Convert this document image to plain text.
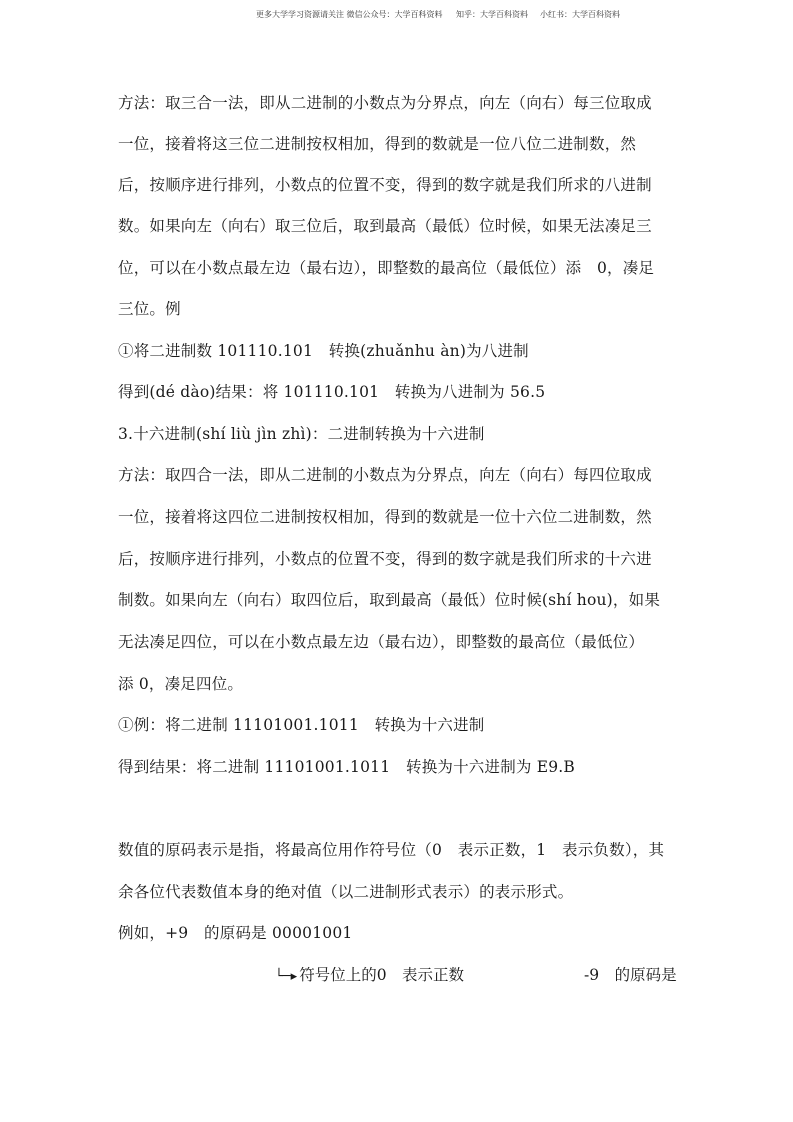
更多大学学习资源请关注 微信公众号：大学百科资料 知乎：大学百科资料 小红书：大学百科资料
方法：取三合一法，即从二进制的小数点为分界点，向左（向右）每三位取成
一位，接着将这三位二进制按权相加，得到的数就是一位八位二进制数，然
后，按顺序进行排列，小数点的位置不变，得到的数字就是我们所求的八进制
数。如果向左（向右）取三位后，取到最高（最低）位时候，如果无法凑足三
位，可以在小数点最左边（最右边），即整数的最高位（最低位）添　0，凑足
三位。例
①将二进制数 101110.101　转换(zhuǎnhu àn)为八进制
得到(dé dào)结果：将 101110.101　转换为八进制为 56.5
3.十六进制(shí liù jìn zhì)：二进制转换为十六进制
方法：取四合一法，即从二进制的小数点为分界点，向左（向右）每四位取成
一位，接着将这四位二进制按权相加，得到的数就是一位十六位二进制数，然
后，按顺序进行排列，小数点的位置不变，得到的数字就是我们所求的十六进
制数。如果向左（向右）取四位后，取到最高（最低）位时候(shí hou)，如果
无法凑足四位，可以在小数点最左边（最右边），即整数的最高位（最低位）
添 0，凑足四位。
①例：将二进制 11101001.1011　转换为十六进制
得到结果：将二进制 11101001.1011　转换为十六进制为 E9.B
数值的原码表示是指，将最高位用作符号位（0　表示正数，1　表示负数），其
余各位代表数值本身的绝对值（以二进制形式表示）的表示形式。
例如，+9　的原码是 00001001
└─▸ 符号位上的0　表示正数	-9　的原码是
